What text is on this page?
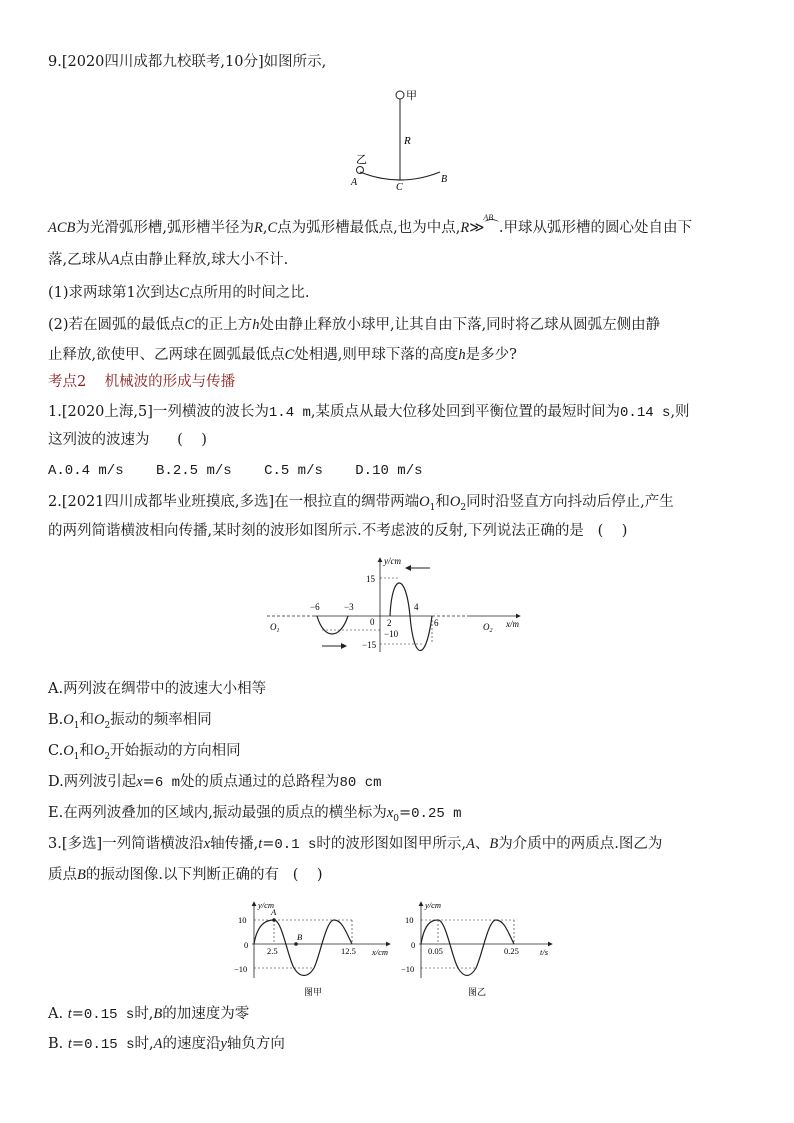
9.[2020四川成都九校联考,10分]如图所示,
甲
R
乙
A	C
B
ACB为光滑弧形槽,弧形槽半径为R,C点为弧形槽最低点,也为中点,R≫
AB
⌒.甲球从弧形槽的圆心处自由下
落,乙球从A点由静止释放,球大小不计.
(1)求两球第1次到达C点所用的时间之比.
(2)若在圆弧的最低点C的正上方h处由静止释放小球甲,让其自由下落,同时将乙球从圆弧左侧由静
止释放,欲使甲、乙两球在圆弧最低点C处相遇,则甲球下落的高度h是多少?
考点2    机械波的形成与传播
1.[2020上海,5]一列横波的波长为1.4 m,某质点从最大位移处回到平衡位置的最短时间为0.14 s,则
这列波的波速为      (    )
A.0.4 m/s B.2.5 m/s C.5 m/s D.10 m/s
2.[2021四川成都毕业班摸底,多选]在一根拉直的绸带两端$O_1$和$O_2$同时沿竖直方向抖动后停止,产生
的两列简谐横波相向传播,某时刻的波形如图所示.不考虑波的反射,下列说法正确的是   (    )
y/cm
x/m
15
−10
−15
−6	−3
0 2
4
6
$O_1$	$O_2$
A.两列波在绸带中的波速大小相等
$B.O_1$和$O_2$振动的频率相同
$C.O_1$和$O_2$开始振动的方向相同
D.两列波引起x=6 m处的质点通过的总路程为80 cm
E.在两列波叠加的区域内,振动最强的质点的横坐标为$x_0=0.25$ m
3.[多选]一列简谐横波沿x轴传播,t=0.1 s时的波形图如图甲所示,A、B为介质中的两质点.图乙为
质点B的振动图像.以下判断正确的有   (    )
y/cm
x/cm
A
B
10
0
−10
2.5	12.5
图甲
y/cm
t/s
10
0
−10
0.05	0.25
图乙
A. t=0.15 s时,B的加速度为零
B. t=0.15 s时,A的速度沿y轴负方向
